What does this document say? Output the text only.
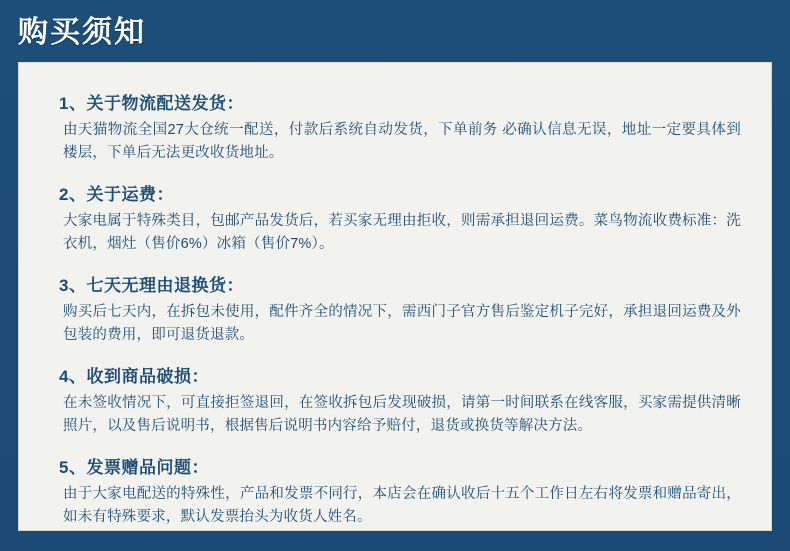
购买须知
1、关于物流配送发货：
由天猫物流全国27大仓统一配送，付款后系统自动发货，下单前务 必确认信息无误，地址一定要具体到楼层，下单后无法更改收货地址。
2、关于运费：
大家电属于特殊类目，包邮产品发货后，若买家无理由拒收，则需承担退回运费。菜鸟物流收费标准：洗衣机，烟灶（售价6%）冰箱（售价7%）。
3、七天无理由退换货：
购买后七天内，在拆包未使用，配件齐全的情况下，需西门子官方售后鉴定机子完好，承担退回运费及外包装的费用，即可退货退款。
4、收到商品破损：
在未签收情况下，可直接拒签退回，在签收拆包后发现破损，请第一时间联系在线客服，买家需提供清晰照片，以及售后说明书，根据售后说明书内容给予赔付，退货或换货等解决方法。
5、发票赠品问题：
由于大家电配送的特殊性，产品和发票不同行，本店会在确认收后十五个工作日左右将发票和赠品寄出，如未有特殊要求，默认发票抬头为收货人姓名。
